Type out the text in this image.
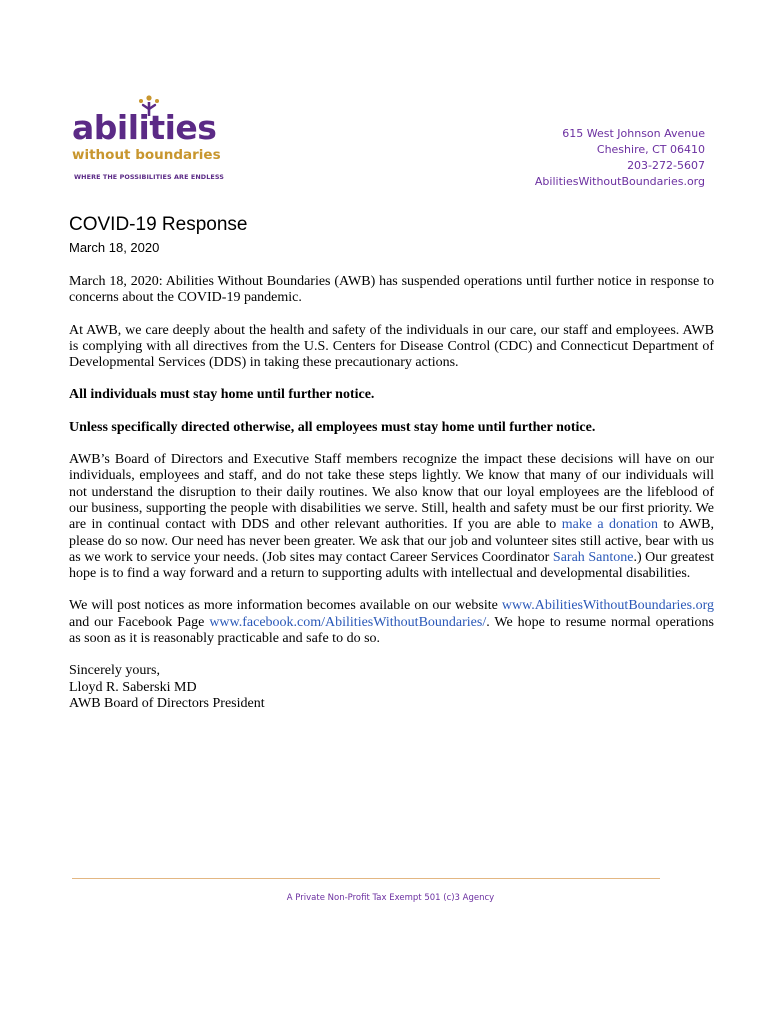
abilities
without boundaries
WHERE THE POSSIBILITIES ARE ENDLESS
615 West Johnson Avenue
Cheshire, CT 06410
203-272-5607
AbilitiesWithoutBoundaries.org
COVID-19 Response
March 18, 2020

March 18, 2020: Abilities Without Boundaries (AWB) has suspended operations until further notice in response to concerns about the COVID-19 pandemic.

At AWB, we care deeply about the health and safety of the individuals in our care, our staff and employees. AWB is complying with all directives from the U.S. Centers for Disease Control (CDC) and Connecticut Department of Developmental Services (DDS) in taking these precautionary actions.

All individuals must stay home until further notice.

Unless specifically directed otherwise, all employees must stay home until further notice.

AWB’s Board of Directors and Executive Staff members recognize the impact these decisions will have on our individuals, employees and staff, and do not take these steps lightly. We know that many of our individuals will not understand the disruption to their daily routines. We also know that our loyal employees are the lifeblood of our business, supporting the people with disabilities we serve. Still, health and safety must be our first priority. We are in continual contact with DDS and other relevant authorities. If you are able to make a donation to AWB, please do so now. Our need has never been greater. We ask that our job and volunteer sites still active, bear with us as we work to service your needs. (Job sites may contact Career Services Coordinator Sarah Santone.) Our greatest hope is to find a way forward and a return to supporting adults with intellectual and developmental disabilities.

We will post notices as more information becomes available on our website www.AbilitiesWithoutBoundaries.org and our Facebook Page www.facebook.com/AbilitiesWithoutBoundaries/. We hope to resume normal operations as soon as it is reasonably practicable and safe to do so.

Sincerely yours,
Lloyd R. Saberski MD
AWB Board of Directors President
A Private Non-Profit Tax Exempt 501 (c)3 Agency
